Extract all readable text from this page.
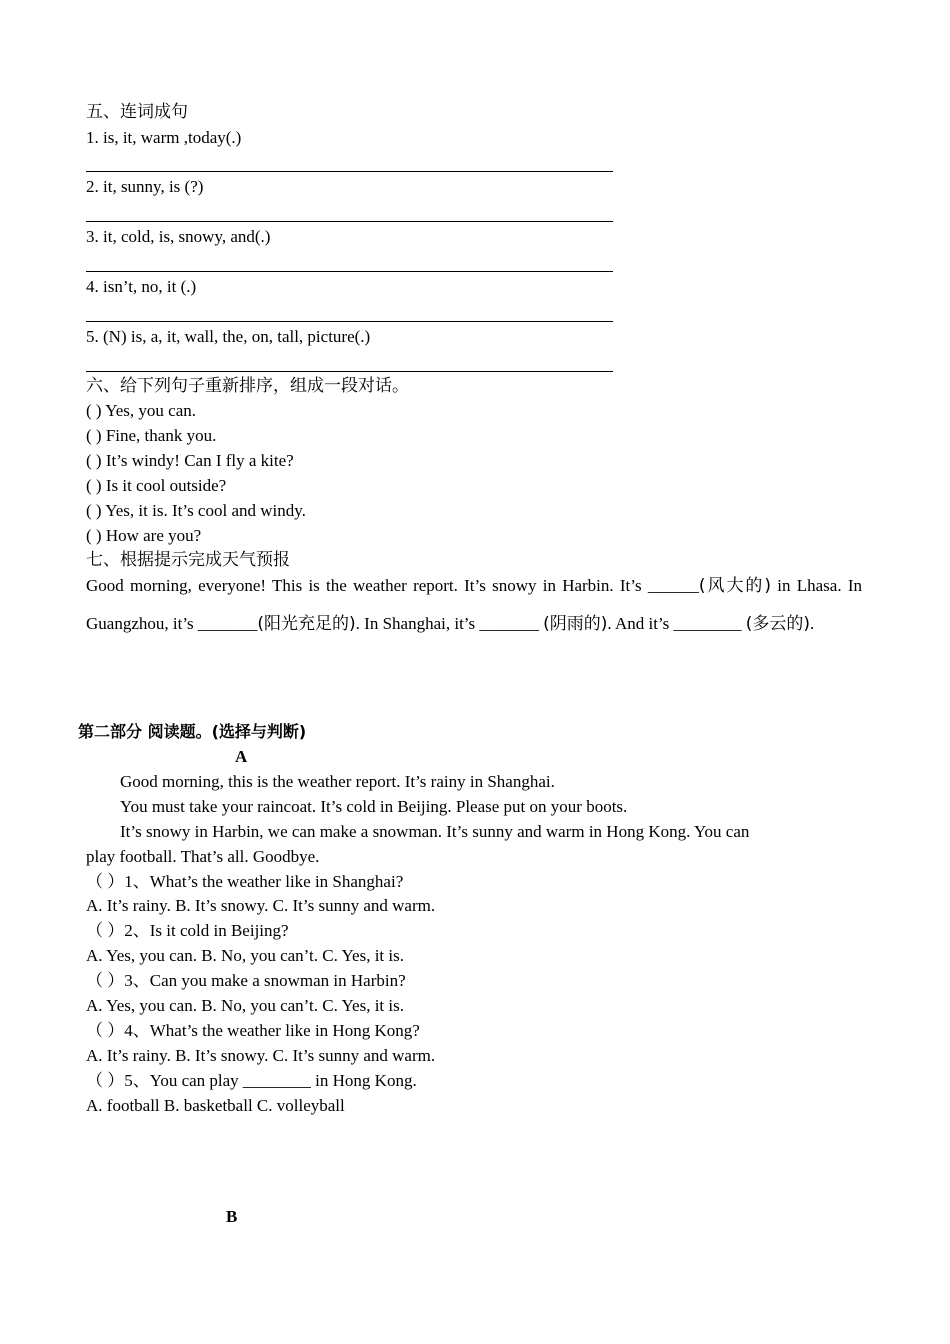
五、连词成句
1. is, it, warm ,today(.)
2. it, sunny, is (?)
3. it, cold, is, snowy, and(.)
4. isn’t, no, it (.)
5. (N) is, a, it, wall, the, on, tall, picture(.)
六、给下列句子重新排序，组成一段对话。
( ) Yes, you can.
( ) Fine, thank you.
( ) It’s windy! Can I fly a kite?
( ) Is it cool outside?
( ) Yes, it is. It’s cool and windy.
( ) How are you?
七、根据提示完成天气预报
Good morning, everyone! This is the weather report. It’s snowy in Harbin. It’s ______(风大的) in Lhasa. In Guangzhou, it’s _______(阳光充足的). In Shanghai, it’s _______ (阴雨的). And it’s ________ (多云的).
第二部分 阅读题。(选择与判断)
A
Good morning, this is the weather report. It’s rainy in Shanghai.
You must take your raincoat. It’s cold in Beijing. Please put on your boots.
It’s snowy in Harbin, we can make a snowman. It’s sunny and warm in Hong Kong. You can
play football. That’s all. Goodbye.
（ ）1、What’s the weather like in Shanghai?
A. It’s rainy. B. It’s snowy. C. It’s sunny and warm.
（ ）2、Is it cold in Beijing?
A. Yes, you can. B. No, you can’t. C. Yes, it is.
（ ）3、Can you make a snowman in Harbin?
A. Yes, you can. B. No, you can’t. C. Yes, it is.
（ ）4、What’s the weather like in Hong Kong?
A. It’s rainy. B. It’s snowy. C. It’s sunny and warm.
（ ）5、You can play ________ in Hong Kong.
A. football B. basketball C. volleyball
B
